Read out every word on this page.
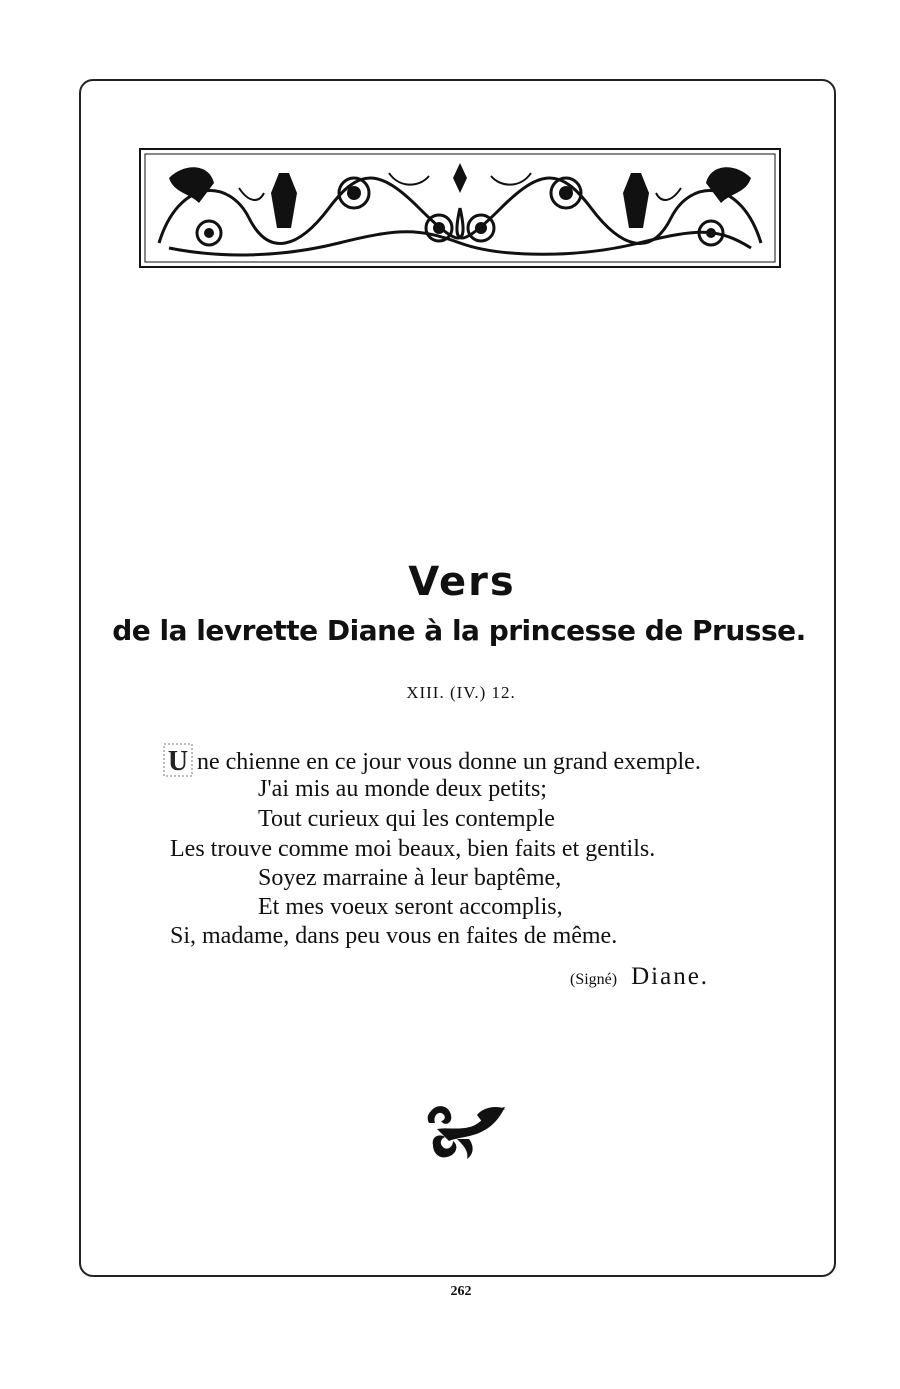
Vers
de la levrette Diane à la princesse de Prusse.
XIII. (IV.) 12.
U ne chienne en ce jour vous donne un grand exemple.
J'ai mis au monde deux petits;
Tout curieux qui les contemple
Les trouve comme moi beaux, bien faits et gentils.
Soyez marraine à leur baptême,
Et mes voeux seront accomplis,
Si, madame, dans peu vous en faites de même.
(Signé) Diane.
262
